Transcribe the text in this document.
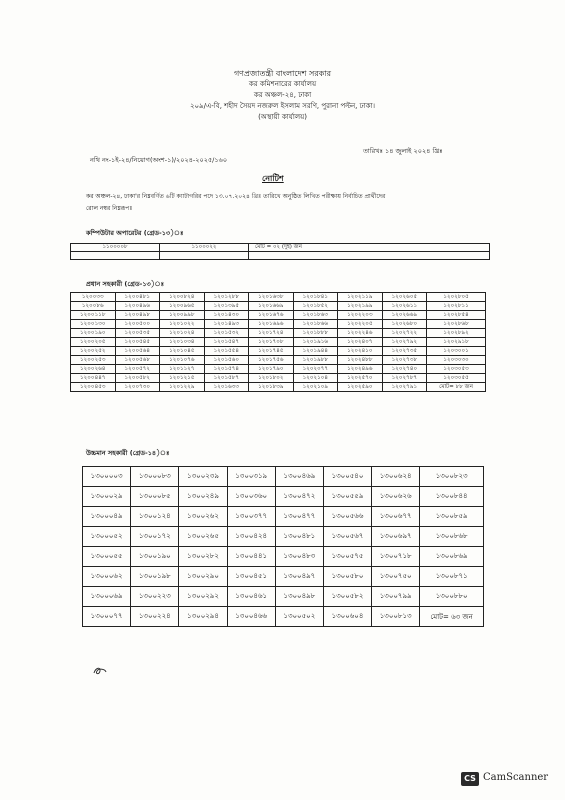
গণপ্রজাতন্ত্রী বাংলাদেশ সরকার
কর কমিশনারের কার্যালয়
কর অঞ্চল-২৪, ঢাকা
২০৯/এ-বি, শহীদ সৈয়দ নজরুল ইসলাম সরণি, পুরানা পল্টন, ঢাকা।
(অস্থায়ী কার্যালয়)
নথি নং-১ই-২৪/নিয়োগ(অংশ-১)/২০২৪-২০২৫/১৬০
তারিখঃ ১৪ জুলাই ২০২৪ খ্রিঃ
নোটিশ
কর অঞ্চল-২৪, ঢাকা'র নিম্নবর্ণিত ৬টি ক্যাটাগরির পদে ১৩.০৭.২০২৪ খ্রিঃ তারিখে অনুষ্ঠিত লিখিত পরীক্ষায় নির্বাচিত প্রার্থীদের
রোল নম্বর নিম্নরূপঃ
কম্পিউটার অপারেটর (গ্রেড-১৩)ঃ
১১০০০০৮	১১০০০২২	মোট = ০২ (দুই) জন

প্রধান সহকারী (গ্রেড-১৩)ঃ
১২০০৩৩	১২০০৪৮১	১২০০৮২৪	১২০১২৮৮	১২০১৬৩৮	১২০১৮৪১	১২০২১১৯	১২০২৬০৫	১২০২৮০৫
১২০০৮৬	১২০০৪৯৬	১২০০৯৬৫	১২০১৩৯৫	১২০১৬৬৯	১২০১৮৫২	১২০২১৯৯	১২০২৬১১	১২০২৮১১
১২০০১১৮	১২০০৪৯৮	১২০০৯৯৮	১২০১৪৩০	১২০১৬৭৬	১২০১৮৬৩	১২০২২০৩	১২০২৬৬৯	১২০২৮৫৪
১২০০১৩০	১২০০৫০০	১২০১০২২	১২০১৪৯৩	১২০১৬৯৬	১২০১৮৬৬	১২০২২০৫	১২০২৬৮০	১২০২৮৬৮
১২০০১৯০	১২০০৫৩৫	১২০১০২৪	১২০১৫৩২	১২০১৭২৪	১২০১৮৮৮	১২০২২৪৬	১২০২৭২২	১২০২৮৯২
১২০০২০৫	১২০০৫৪৫	১২০১০৩৪	১২০১৫৪৭	১২০১৭০৮	১২০১৯১৬	১২০২৪০৭	১২০২৭৯২	১২০২৯১৮
১২০০২৫২	১২০০৫৬৪	১২০১০৪৫	১২০১৫৫৪	১২০১৭৪৫	১২০১৯৪৪	১২০২৪১০	১২০২৭৩৫	১২০৩০০১
১২০০২৫৩	১২০০৫৬৮	১২০১০৭৬	১২০১৫৬০	১২০১৭৫৬	১২০১৯৮৮	১২০২৪৮৮	১২০২৭৩৮	১২০৩০৩০
১২০০২৬৪	১২০০৫৭২	১২০১১২৭	১২০১৫৭৪	১২০১৭৯০	১২০২০৭৭	১২০২৪৯৬	১২০২৭৪০	১২০৩০৫৩
১২০০৪৪৭	১২০০৫৮২	১২০১২১৫	১২০১৫৮৭	১২০১৮০২	১২০২১০৪	১২০২৫৭০	১২০২৭৮৭	১২০৩০৫৫
১২০০৪৫৩	১২০০৭৩০	১২০১২২৯	১২০১৬৩৩	১২০১৮৩৯	১২০২১০৯	১২০২৫৯০	১২০২৭৯১	মোট= ৮৮ জন
উচ্চমান সহকারী (গ্রেড-১৪)ঃ
১৩০০০০৩	১৩০০০৮৩	১৩০০২৩৯	১৩০০৩১৯	১৩০০৪৬৯	১৩০০৫৪০	১৩০০৬২৪	১৩০০৮২৩
১৩০০০২৯	১৩০০০৮৫	১৩০০২৪৯	১৩০০৩৬০	১৩০০৪৭২	১৩০০৫৫৯	১৩০০৬২৬	১৩০০৮৪৪
১৩০০০৪৯	১৩০০১২৪	১৩০০২৬২	১৩০০৩৭৭	১৩০০৪৭৭	১৩০০৫৬৬	১৩০০৬৭৭	১৩০০৮৫৯
১৩০০০৫২	১৩০০১৭২	১৩০০২৬৫	১৩০০৪২৪	১৩০০৪৮১	১৩০০৫৬৭	১৩০০৬৯৭	১৩০০৮৬৮
১৩০০০৫৫	১৩০০১৯০	১৩০০২৮২	১৩০০৪৪১	১৩০০৪৮৩	১৩০০৫৭৫	১৩০০৭১৮	১৩০০৮৬৯
১৩০০০৬২	১৩০০১৯৮	১৩০০২৯০	১৩০০৪৫১	১৩০০৪৯৭	১৩০০৫৮০	১৩০০৭৫০	১৩০০৮৭১
১৩০০০৬৯	১৩০০২২৩	১৩০০২৯২	১৩০০৪৬১	১৩০০৪৯৮	১৩০০৫৮২	১৩০০৭৯৯	১৩০০৮৮০
১৩০০০৭৭	১৩০০২২৪	১৩০০২৯৪	১৩০০৪৬৬	১৩০০৫০২	১৩০০৬০৪	১৩০০৮১৩	মোট= ৬৩ জন
CS CamScanner
